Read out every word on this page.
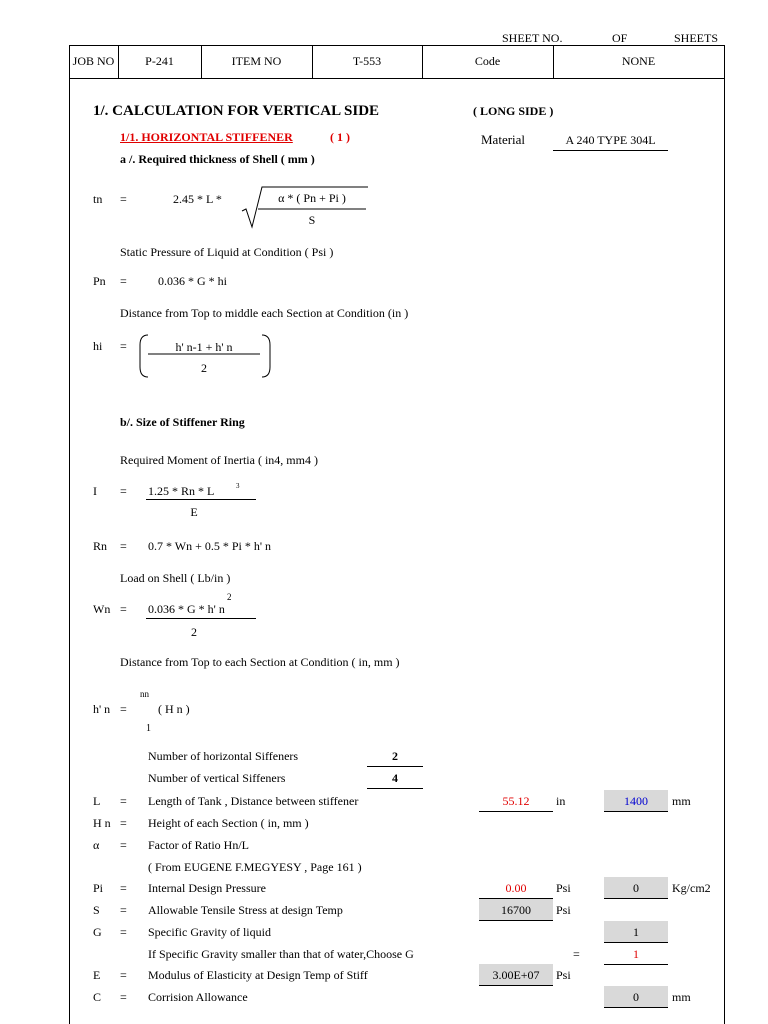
SHEET NO.	OF	SHEETS
JOB NO	P-241	ITEM NO	T-553	Code	NONE
1/. CALCULATION FOR VERTICAL SIDE	( LONG SIDE )
1/1. HORIZONTAL STIFFENER	( 1 )	Material	A 240 TYPE 304L
a /. Required thickness of Shell ( mm )
tn =	2.45 * L *	α * ( Pn + Pi )
S
Static Pressure of Liquid at Condition ( Psi )
Pn =	0.036 * G * hi
Distance from Top to middle each Section at Condition (in )
hi =	h' n-1 + h' n
2
b/. Size of Stiffener Ring
Required Moment of Inertia ( in4, mm4 )
I = 1.25 * Rn * L	3
E
Rn = 0.7 * Wn + 0.5 * Pi * h' n
Load on Shell ( Lb/in )
Wn = 0.036 * G * h' n
2
2
Distance from Top to each Section at Condition ( in, mm )
nn
h' n =	( H n )
1
Number of horizontal Siffeners	2
Number of vertical Siffeners	4
L = Length of Tank , Distance between stiffener	55.12	in	1400	mm
H n = Height of each Section ( in, mm )
α = Factor of Ratio Hn/L
( From EUGENE F.MEGYESY , Page 161 )
Pi = Internal Design Pressure	0.00	Psi	0	Kg/cm2
S = Allowable Tensile Stress at design Temp	16700	Psi
G = Specific Gravity of liquid	1
If Specific Gravity smaller than that of water,Choose G	=	1
E = Modulus of Elasticity at Design Temp of Stiff	3.00E+07	Psi
C = Corrision Allowance	0	mm
